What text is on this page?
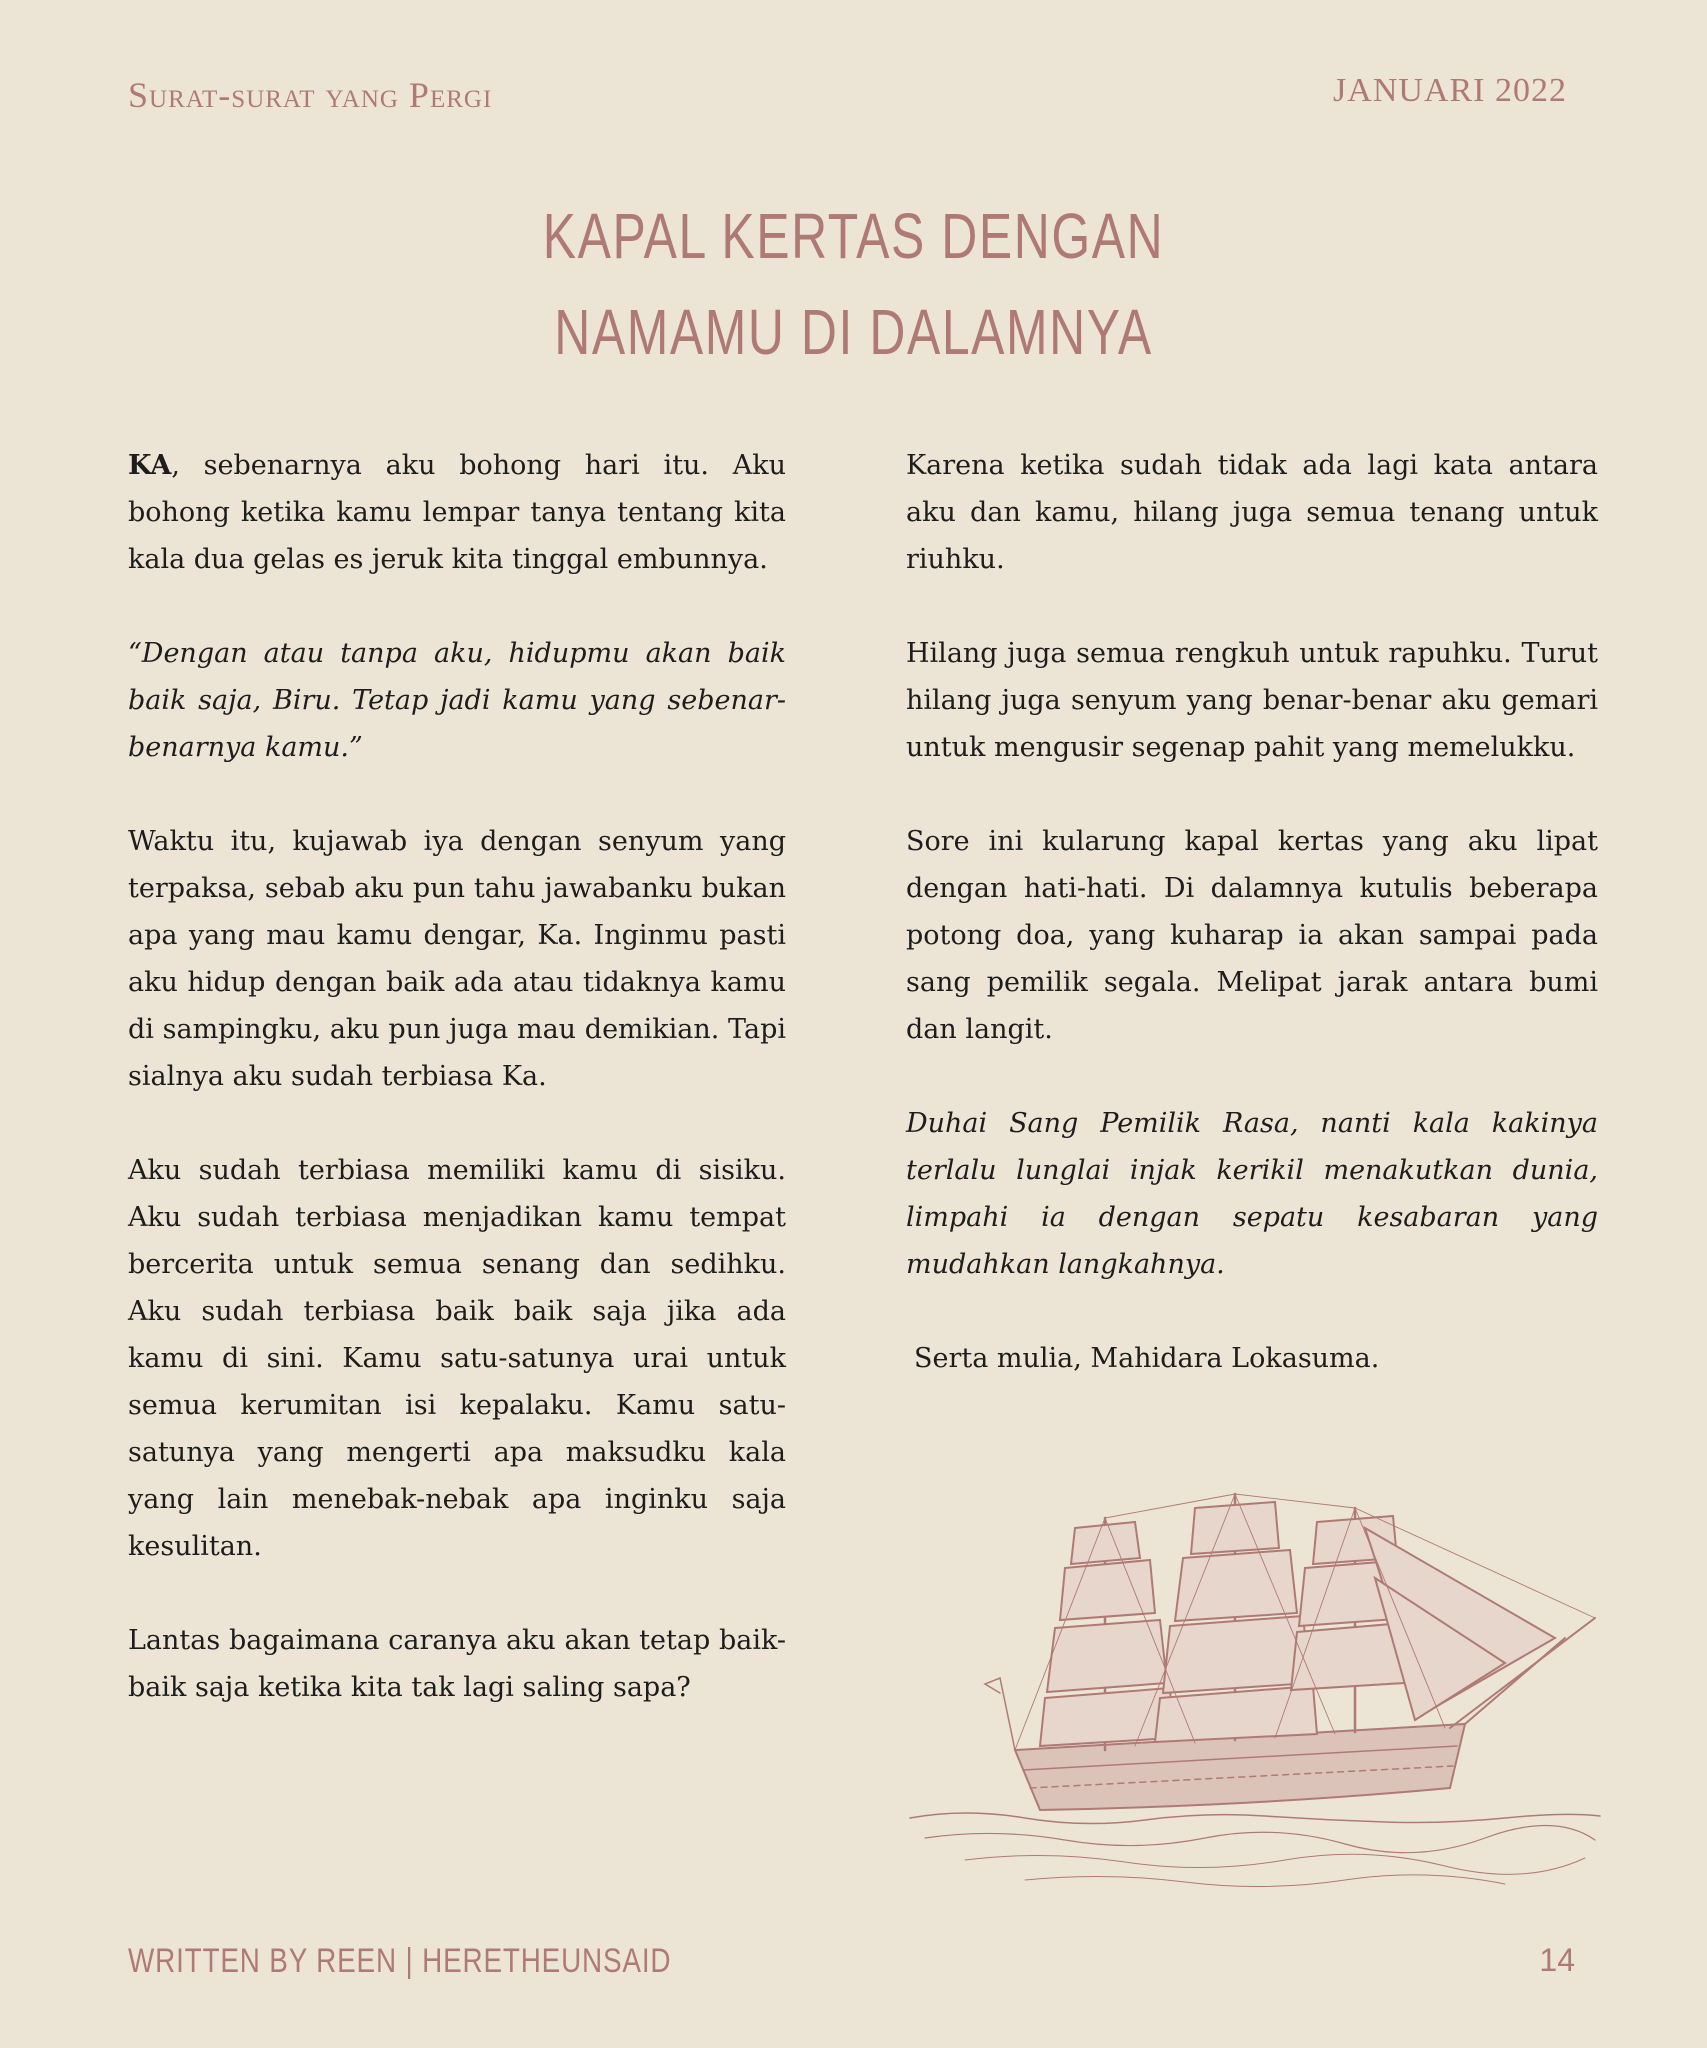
Surat-surat yang Pergi	JANUARI 2022
KAPAL KERTAS DENGAN
NAMAMU DI DALAMNYA

KA, sebenarnya aku bohong hari itu. Aku bohong ketika kamu lempar tanya tentang kita kala dua gelas es jeruk kita tinggal embunnya.

“Dengan atau tanpa aku, hidupmu akan baik baik saja, Biru. Tetap jadi kamu yang sebenar-benarnya kamu.”

Waktu itu, kujawab iya dengan senyum yang terpaksa, sebab aku pun tahu jawabanku bukan apa yang mau kamu dengar, Ka. Inginmu pasti aku hidup dengan baik ada atau tidaknya kamu di sampingku, aku pun juga mau demikian. Tapi sialnya aku sudah terbiasa Ka.

Aku sudah terbiasa memiliki kamu di sisiku. Aku sudah terbiasa menjadikan kamu tempat bercerita untuk semua senang dan sedihku. Aku sudah terbiasa baik baik saja jika ada kamu di sini. Kamu satu-satunya urai untuk semua kerumitan isi kepalaku. Kamu satu-satunya yang mengerti apa maksudku kala yang lain menebak-nebak apa inginku saja kesulitan.

Lantas bagaimana caranya aku akan tetap baik-baik saja ketika kita tak lagi saling sapa?

Karena ketika sudah tidak ada lagi kata antara aku dan kamu, hilang juga semua tenang untuk riuhku.

Hilang juga semua rengkuh untuk rapuhku. Turut hilang juga senyum yang benar-benar aku gemari untuk mengusir segenap pahit yang memelukku.

Sore ini kularung kapal kertas yang aku lipat dengan hati-hati. Di dalamnya kutulis beberapa potong doa, yang kuharap ia akan sampai pada sang pemilik segala. Melipat jarak antara bumi dan langit.

Duhai Sang Pemilik Rasa, nanti kala kakinya terlalu lunglai injak kerikil menakutkan dunia, limpahi ia dengan sepatu kesabaran yang mudahkan langkahnya.

Serta mulia, Mahidara Lokasuma.

WRITTEN BY REEN | HERETHEUNSAID	14
